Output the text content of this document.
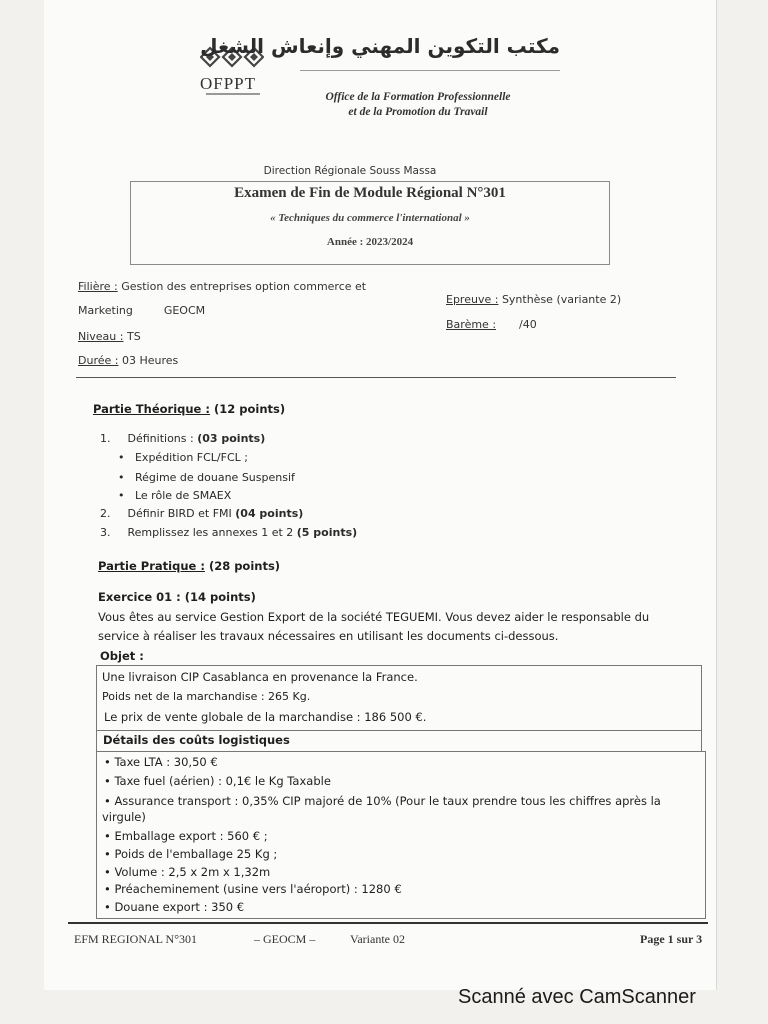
OFPPT
مكتب التكوين المهني وإنعاش الشغل
Office de la Formation Professionnelle
et de la Promotion du Travail
Direction Régionale Souss Massa
Examen de Fin de Module Régional N°301
« Techniques du commerce l'international »
Année : 2023/2024
Filière : Gestion des entreprises option commerce et
Marketing	GEOCM
Niveau : TS
Durée : 03 Heures
Epreuve : Synthèse (variante 2)
Barème : /40
Partie Théorique : (12 points)
1. Définitions : (03 points)
•   Expédition FCL/FCL ;
•   Régime de douane Suspensif
•   Le rôle de SMAEX
2. Définir BIRD et FMI (04 points)
3. Remplissez les annexes 1 et 2 (5 points)
Partie Pratique : (28 points)
Exercice 01 : (14 points)
Vous êtes au service Gestion Export de la société TEGUEMI. Vous devez aider le responsable du
service à réaliser les travaux nécessaires en utilisant les documents ci-dessous.
Objet :
Une livraison CIP Casablanca en provenance la France.
Poids net de la marchandise : 265 Kg.
Le prix de vente globale de la marchandise : 186 500 €.
Détails des coûts logistiques
• Taxe LTA : 30,50 €
• Taxe fuel (aérien) : 0,1€ le Kg Taxable
• Assurance transport : 0,35% CIP majoré de 10% (Pour le taux prendre tous les chiffres après la
virgule)
• Emballage export : 560 € ;
• Poids de l'emballage 25 Kg ;
• Volume : 2,5 x 2m x 1,32m
• Préacheminement (usine vers l'aéroport) : 1280 €
• Douane export : 350 €
EFM REGIONAL N°301	– GEOCM –	Variante 02	Page 1 sur 3
Scanné avec CamScanner
